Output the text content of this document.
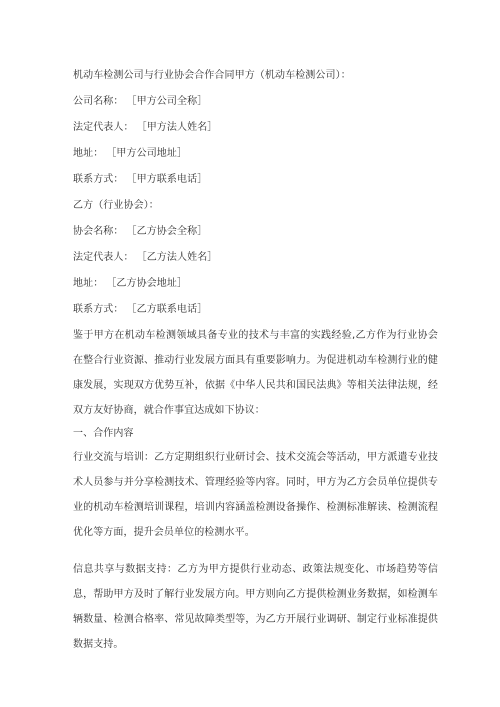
机动车检测公司与行业协会合作合同甲方（机动车检测公司）：

公司名称： ［甲方公司全称］

法定代表人： ［甲方法人姓名］

地址： ［甲方公司地址］

联系方式： ［甲方联系电话］

乙方（行业协会）：

协会名称： ［乙方协会全称］

法定代表人： ［乙方法人姓名］

地址： ［乙方协会地址］

联系方式： ［乙方联系电话］

鉴于甲方在机动车检测领域具备专业的技术与丰富的实践经验,乙方作为行业协会在整合行业资源、推动行业发展方面具有重要影响力。为促进机动车检测行业的健康发展，实现双方优势互补，依据《中华人民共和国民法典》等相关法律法规，经双方友好协商，就合作事宜达成如下协议：

一、合作内容

行业交流与培训：乙方定期组织行业研讨会、技术交流会等活动，甲方派遣专业技术人员参与并分享检测技术、管理经验等内容。同时，甲方为乙方会员单位提供专业的机动车检测培训课程，培训内容涵盖检测设备操作、检测标准解读、检测流程优化等方面，提升会员单位的检测水平。

信息共享与数据支持：乙方为甲方提供行业动态、政策法规变化、市场趋势等信息，帮助甲方及时了解行业发展方向。甲方则向乙方提供检测业务数据，如检测车辆数量、检测合格率、常见故障类型等，为乙方开展行业调研、制定行业标准提供数据支持。
